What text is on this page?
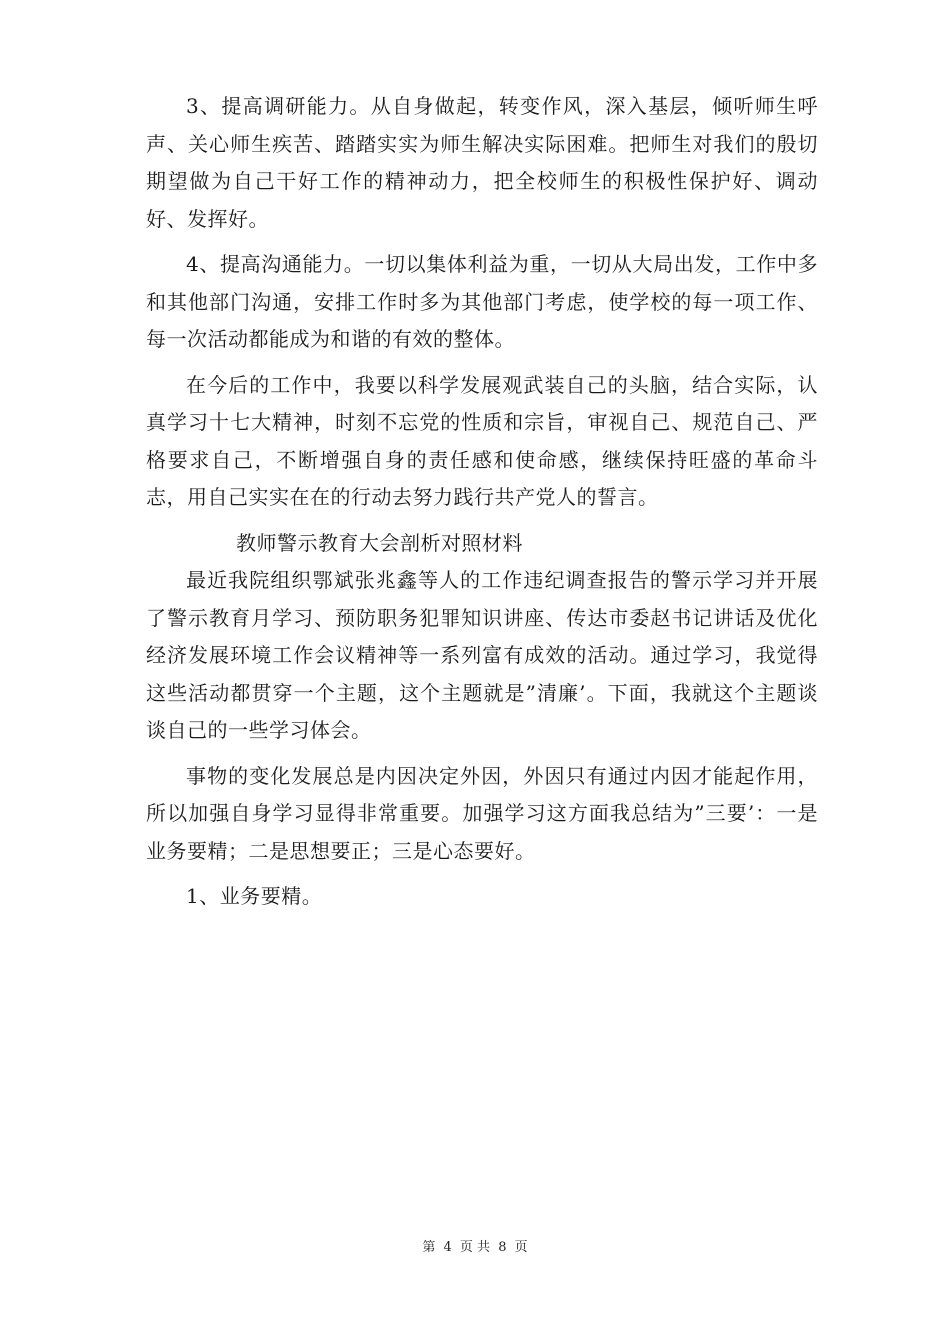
3、提高调研能力。从自身做起，转变作风，深入基层，倾听师生呼声、关心师生疾苦、踏踏实实为师生解决实际困难。把师生对我们的殷切期望做为自己干好工作的精神动力，把全校师生的积极性保护好、调动好、发挥好。

4、提高沟通能力。一切以集体利益为重，一切从大局出发，工作中多和其他部门沟通，安排工作时多为其他部门考虑，使学校的每一项工作、每一次活动都能成为和谐的有效的整体。

在今后的工作中，我要以科学发展观武装自己的头脑，结合实际，认真学习十七大精神，时刻不忘党的性质和宗旨，审视自己、规范自己、严格要求自己，不断增强自身的责任感和使命感，继续保持旺盛的革命斗志，用自己实实在在的行动去努力践行共产党人的誓言。

教师警示教育大会剖析对照材料

最近我院组织鄂斌张兆鑫等人的工作违纪调查报告的警示学习并开展了警示教育月学习、预防职务犯罪知识讲座、传达市委赵书记讲话及优化经济发展环境工作会议精神等一系列富有成效的活动。通过学习，我觉得这些活动都贯穿一个主题，这个主题就是”清廉’。下面，我就这个主题谈谈自己的一些学习体会。

事物的变化发展总是内因决定外因，外因只有通过内因才能起作用，所以加强自身学习显得非常重要。加强学习这方面我总结为”三要’：一是业务要精；二是思想要正；三是心态要好。

1、业务要精。

第 4 页 共 8 页
